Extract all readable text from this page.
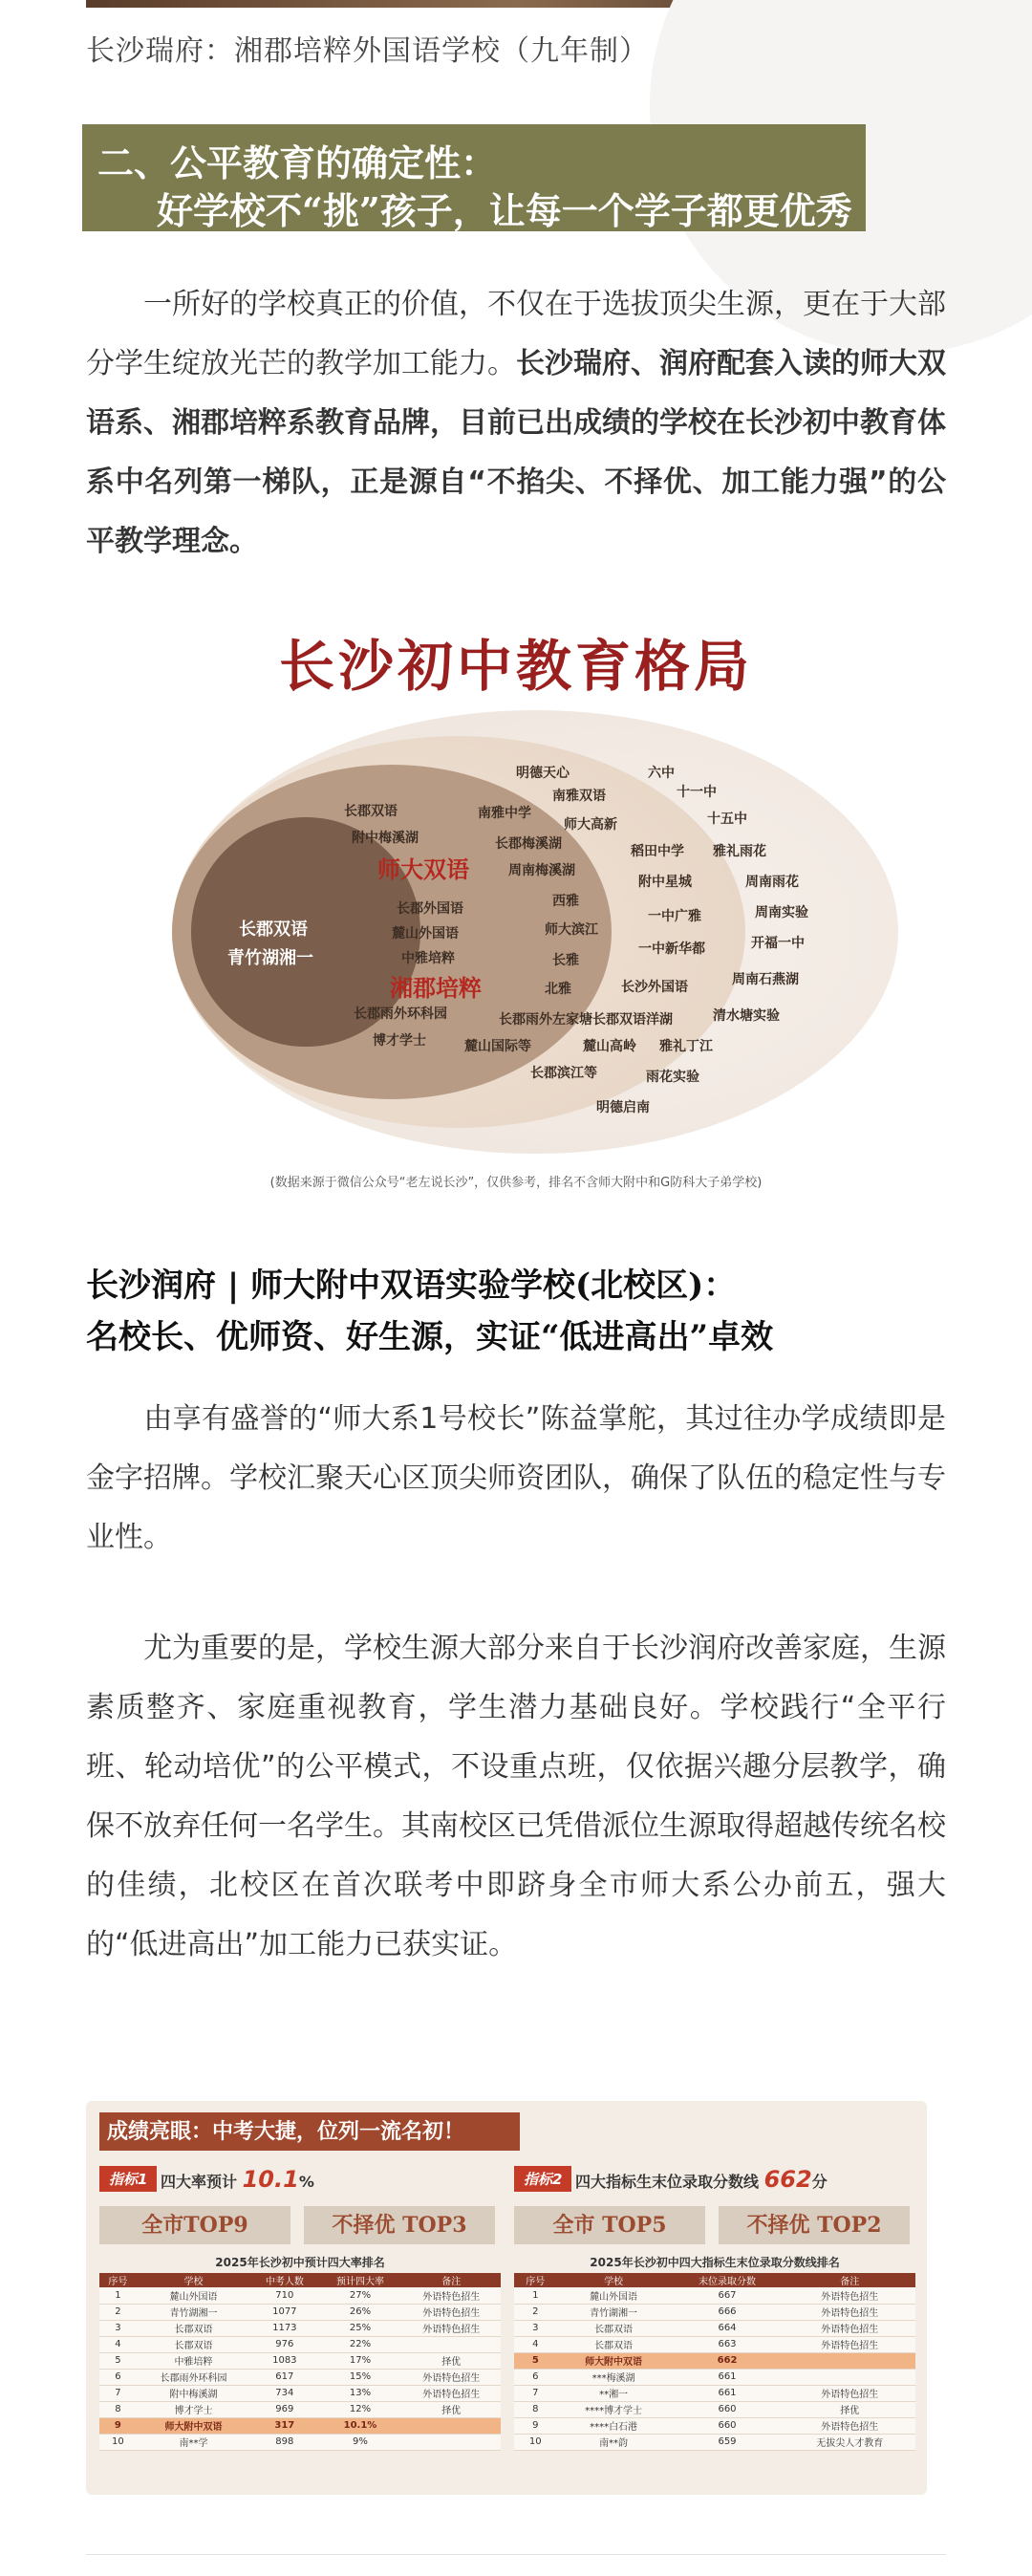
长沙瑞府：湘郡培粹外国语学校（九年制）
二、公平教育的确定性：
好学校不“挑”孩子，让每一个学子都更优秀
一所好的学校真正的价值，不仅在于选拔顶尖生源，更在于大部分学生绽放光芒的教学加工能力。长沙瑞府、润府配套入读的师大双语系、湘郡培粹系教育品牌，目前已出成绩的学校在长沙初中教育体系中名列第一梯队，正是源自“不掐尖、不择优、加工能力强”的公平教学理念。
长沙初中教育格局
长郡双语
青竹湖湘一
师大双语
湘郡培粹
长郡双语
附中梅溪湖
长郡外国语
麓山外国语
中雅培粹
长郡雨外环科园
博才学士
明德天心
南雅中学
南雅双语
师大高新
长郡梅溪湖
周南梅溪湖
西雅
师大滨江
长雅
北雅
长郡雨外左家塘
麓山国际等
长郡滨江等
长郡双语洋湖
麓山高岭
六中
十一中
十五中
稻田中学 雅礼雨花
附中星城	周南雨花
一中广雅	周南实验
一中新华都	开福一中
长沙外国语	周南石燕湖
清水塘实验
雅礼丁江
雨花实验
明德启南
(数据来源于微信公众号“老左说长沙”，仅供参考，排名不含师大附中和G防科大子弟学校)
长沙润府 | 师大附中双语实验学校(北校区)：
名校长、优师资、好生源，实证“低进高出”卓效
由享有盛誉的“师大系1号校长”陈益掌舵，其过往办学成绩即是金字招牌。学校汇聚天心区顶尖师资团队，确保了队伍的稳定性与专业性。
尤为重要的是，学校生源大部分来自于长沙润府改善家庭，生源素质整齐、家庭重视教育，学生潜力基础良好。学校践行“全平行班、轮动培优”的公平模式，不设重点班，仅依据兴趣分层教学，确保不放弃任何一名学生。其南校区已凭借派位生源取得超越传统名校的佳绩，北校区在首次联考中即跻身全市师大系公办前五，强大的“低进高出”加工能力已获实证。
成绩亮眼：中考大捷，位列一流名初！
指标1 四大率预计 10.1%
全市TOP9	不择优 TOP3
2025年长沙初中预计四大率排名
序号	学校	中考人数	预计四大率	备注
1	麓山外国语	710	27%	外语特色招生
2	青竹湖湘一	1077	26%	外语特色招生
3	长郡双语	1173	25%	外语特色招生
4	长郡双语	976	22%	
5	中雅培粹	1083	17%	择优
6	长郡雨外环科园	617	15%	外语特色招生
7	附中梅溪湖	734	13%	外语特色招生
8	博才学士	969	12%	择优
9	师大附中双语	317	10.1%	
10	南**学	898	9%	
指标2 四大指标生末位录取分数线 662分
全市 TOP5	不择优 TOP2
2025年长沙初中四大指标生末位录取分数线排名
序号	学校	末位录取分数	备注
1	麓山外国语	667	外语特色招生
2	青竹湖湘一	666	外语特色招生
3	长郡双语	664	外语特色招生
4	长郡双语	663	外语特色招生
5	师大附中双语	662	
6	***梅溪湖	661	
7	**湘一	661	外语特色招生
8	****博才学士	660	择优
9	****白石港	660	外语特色招生
10	南**韵	659	无拔尖人才教育
